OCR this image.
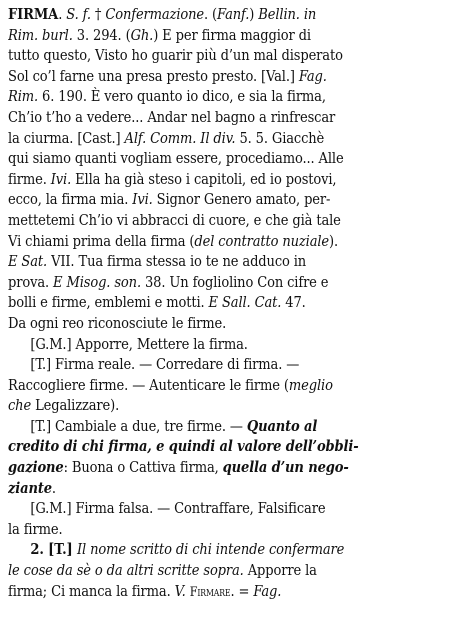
FIRMA. S. f. † Confermazione. (Fanf.) Bellin. in
Rim. burl. 3. 294. (Gh.) E per firma maggior di
tutto questo, Visto ho guarir più d’un mal disperato
Sol co’l farne una presa presto presto. [Val.] Fag.
Rim. 6. 190. È vero quanto io dico, e sia la firma,
Ch’io t’ho a vedere... Andar nel bagno a rinfrescar
la ciurma. [Cast.] Alf. Comm. Il div. 5. 5. Giacchè
qui siamo quanti vogliam essere, procediamo... Alle
firme. Ivi. Ella ha già steso i capitoli, ed io postovi,
ecco, la firma mia. Ivi. Signor Genero amato, per-
mettetemi Ch’io vi abbracci di cuore, e che già tale
Vi chiami prima della firma (del contratto nuziale).
E Sat. VII. Tua firma stessa io te ne adduco in
prova. E Misog. son. 38. Un fogliolino Con cifre e
bolli e firme, emblemi e motti. E Sall. Cat. 47.
Da ogni reo riconosciute le firme.
[G.M.] Apporre, Mettere la firma.
[T.] Firma reale. — Corredare di firma. —
Raccogliere firme. — Autenticare le firme (meglio
che Legalizzare).
[T.] Cambiale a due, tre firme. — Quanto al
credito di chi firma, e quindi al valore dell’obbli-
gazione: Buona o Cattiva firma, quella d’un nego-
ziante.
[G.M.] Firma falsa. — Contraffare, Falsificare
la firme.
2. [T.] Il nome scritto di chi intende confermare
le cose da sè o da altri scritte sopra. Apporre la
firma; Ci manca la firma. V. Firmare. = Fag.
